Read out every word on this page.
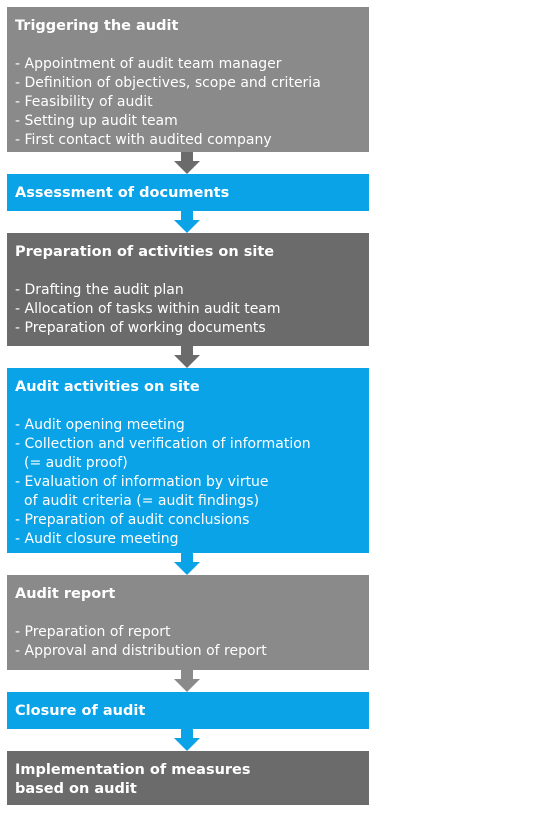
Triggering the audit
- Appointment of audit team manager
- Definition of objectives, scope and criteria
- Feasibility of audit
- Setting up audit team
- First contact with audited company
Assessment of documents
Preparation of activities on site
- Drafting the audit plan
- Allocation of tasks within audit team
- Preparation of working documents
Audit activities on site
- Audit opening meeting
- Collection and verification of information
(= audit proof)
- Evaluation of information by virtue
of audit criteria (= audit findings)
- Preparation of audit conclusions
- Audit closure meeting
Audit report
- Preparation of report
- Approval and distribution of report
Closure of audit
Implementation of measures based on audit
